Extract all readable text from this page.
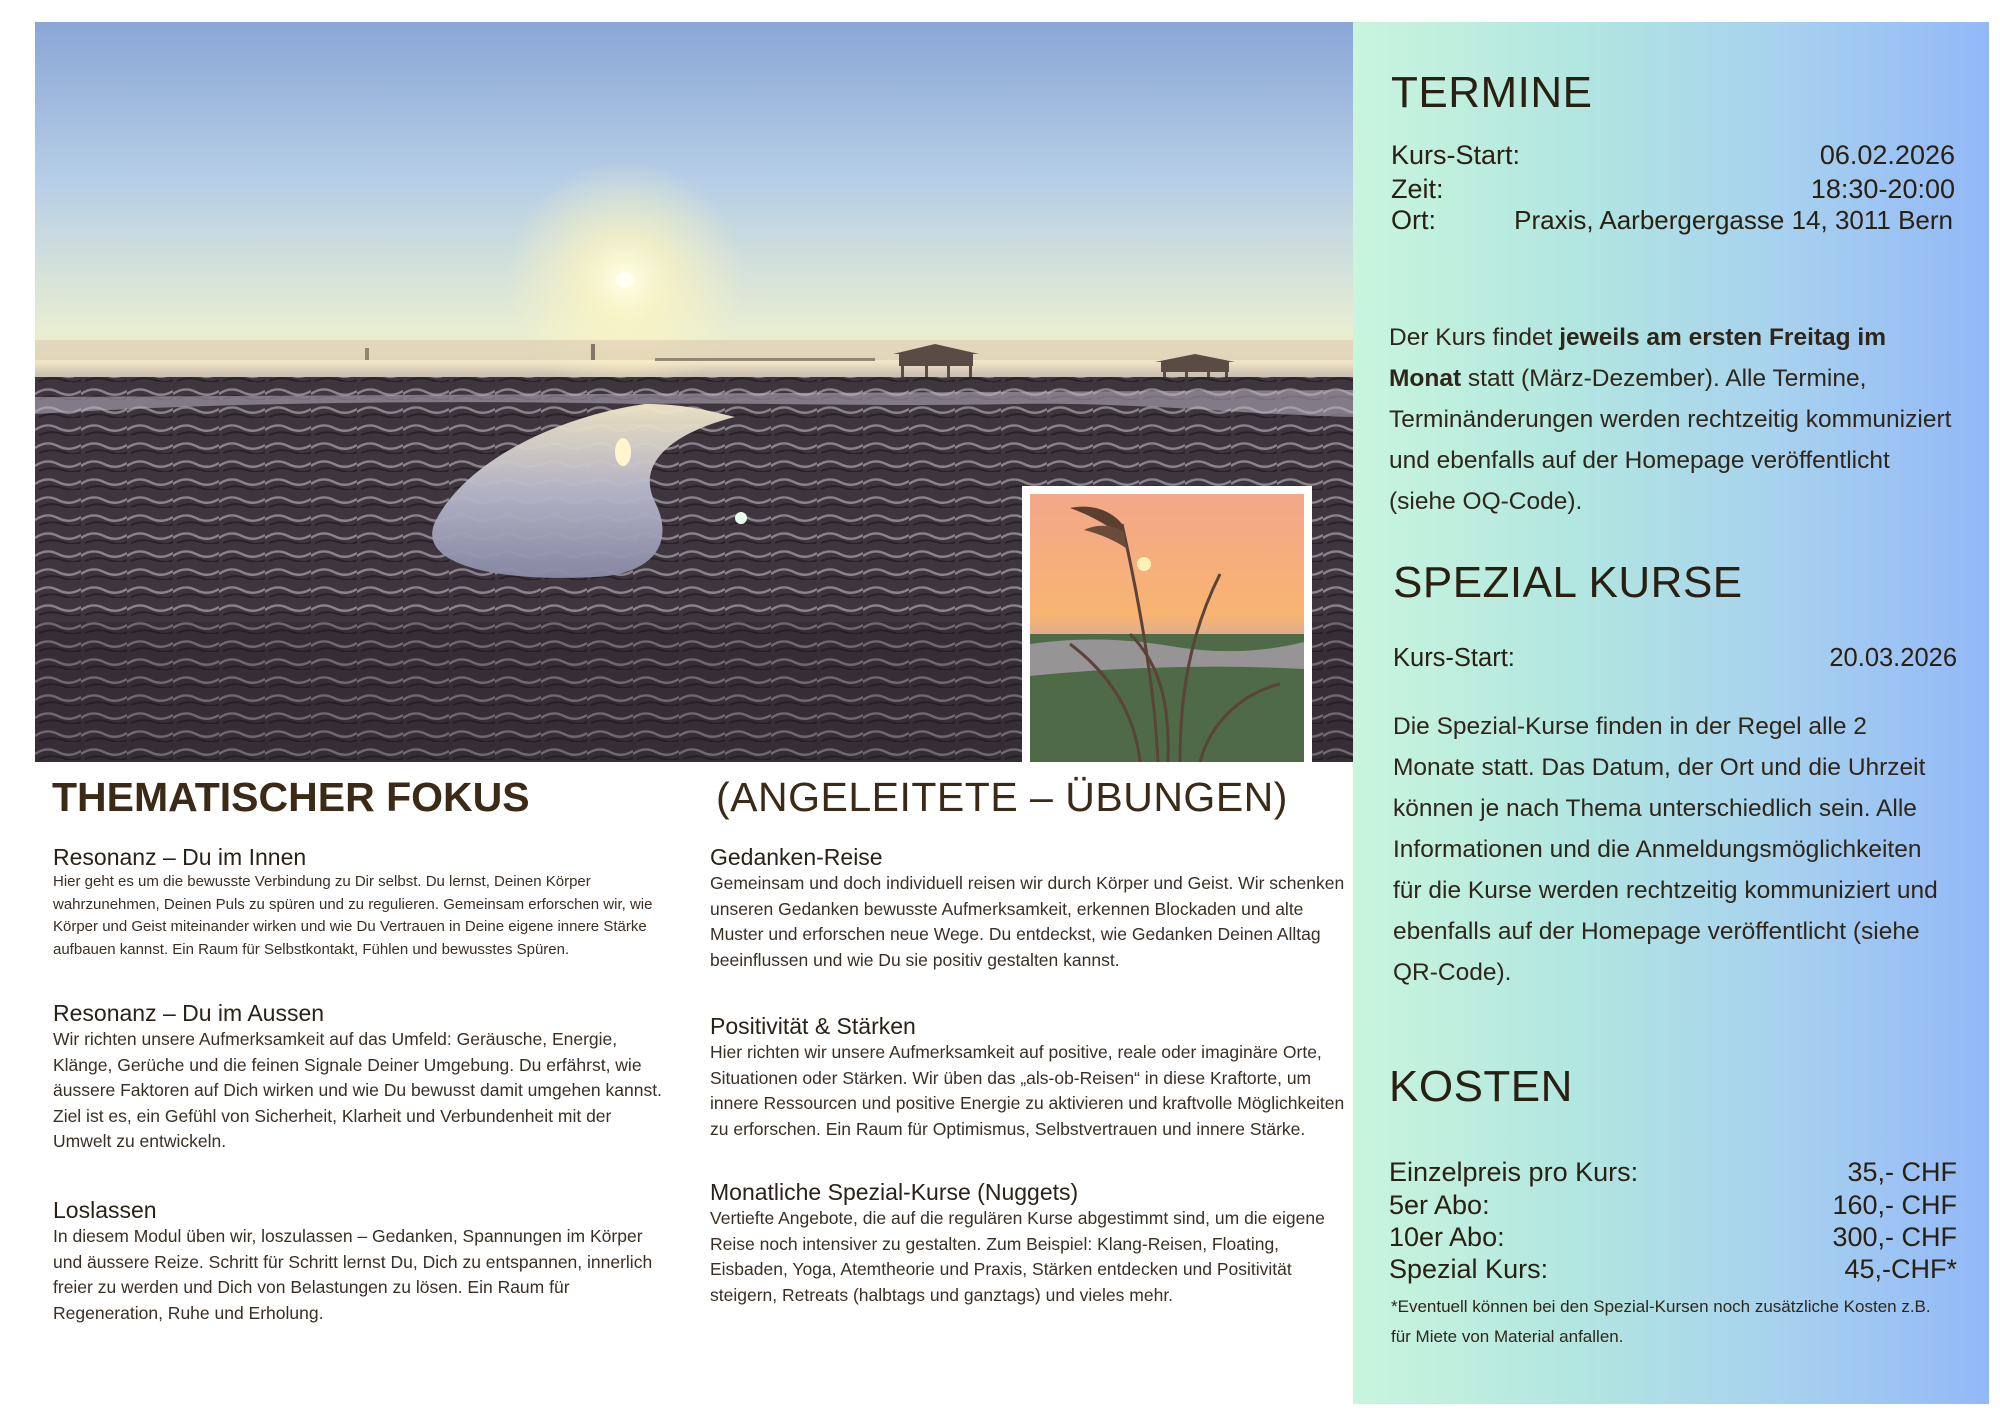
THEMATISCHER FOKUS	(ANGELEITETE – ÜBUNGEN)
Resonanz – Du im Innen

Hier geht es um die bewusste Verbindung zu Dir selbst. Du lernst, Deinen Körper wahrzunehmen, Deinen Puls zu spüren und zu regulieren. Gemeinsam erforschen wir, wie Körper und Geist miteinander wirken und wie Du Vertrauen in Deine eigene innere Stärke aufbauen kannst. Ein Raum für Selbstkontakt, Fühlen und bewusstes Spüren.

Resonanz – Du im Aussen

Wir richten unsere Aufmerksamkeit auf das Umfeld: Geräusche, Energie, Klänge, Gerüche und die feinen Signale Deiner Umgebung. Du erfährst, wie äussere Faktoren auf Dich wirken und wie Du bewusst damit umgehen kannst. Ziel ist es, ein Gefühl von Sicherheit, Klarheit und Verbundenheit mit der Umwelt zu entwickeln.

Loslassen

In diesem Modul üben wir, loszulassen – Gedanken, Spannungen im Körper und äussere Reize. Schritt für Schritt lernst Du, Dich zu entspannen, innerlich freier zu werden und Dich von Belastungen zu lösen. Ein Raum für Regeneration, Ruhe und Erholung.

Gedanken-Reise

Gemeinsam und doch individuell reisen wir durch Körper und Geist. Wir schenken unseren Gedanken bewusste Aufmerksamkeit, erkennen Blockaden und alte Muster und erforschen neue Wege. Du entdeckst, wie Gedanken Deinen Alltag beeinflussen und wie Du sie positiv gestalten kannst.

Positivität & Stärken

Hier richten wir unsere Aufmerksamkeit auf positive, reale oder imaginäre Orte, Situationen oder Stärken. Wir üben das „als-ob-Reisen“ in diese Kraftorte, um innere Ressourcen und positive Energie zu aktivieren und kraftvolle Möglichkeiten zu erforschen. Ein Raum für Optimismus, Selbstvertrauen und innere Stärke.

Monatliche Spezial-Kurse (Nuggets)

Vertiefte Angebote, die auf die regulären Kurse abgestimmt sind, um die eigene Reise noch intensiver zu gestalten. Zum Beispiel: Klang-Reisen, Floating, Eisbaden, Yoga, Atemtheorie und Praxis, Stärken entdecken und Positivität steigern, Retreats (halbtags und ganztags) und vieles mehr.

TERMINE
Kurs-Start:	06.02.2026
Zeit:	18:30-20:00
Ort:	Praxis, Aarbergergasse 14, 3011 Bern

Der Kurs findet jeweils am ersten Freitag im Monat statt (März-Dezember). Alle Termine, Terminänderungen werden rechtzeitig kommuniziert und ebenfalls auf der Homepage veröffentlicht (siehe OQ-Code).

SPEZIAL KURSE
Kurs-Start:	20.03.2026

Die Spezial-Kurse finden in der Regel alle 2 Monate statt. Das Datum, der Ort und die Uhrzeit können je nach Thema unterschiedlich sein. Alle Informationen und die Anmeldungsmöglichkeiten für die Kurse werden rechtzeitig kommuniziert und ebenfalls auf der Homepage veröffentlicht (siehe QR-Code).

KOSTEN
Einzelpreis pro Kurs:	35,- CHF
5er Abo:	160,- CHF
10er Abo:	300,- CHF
Spezial Kurs:	45,-CHF*

*Eventuell können bei den Spezial-Kursen noch zusätzliche Kosten z.B. für Miete von Material anfallen.
